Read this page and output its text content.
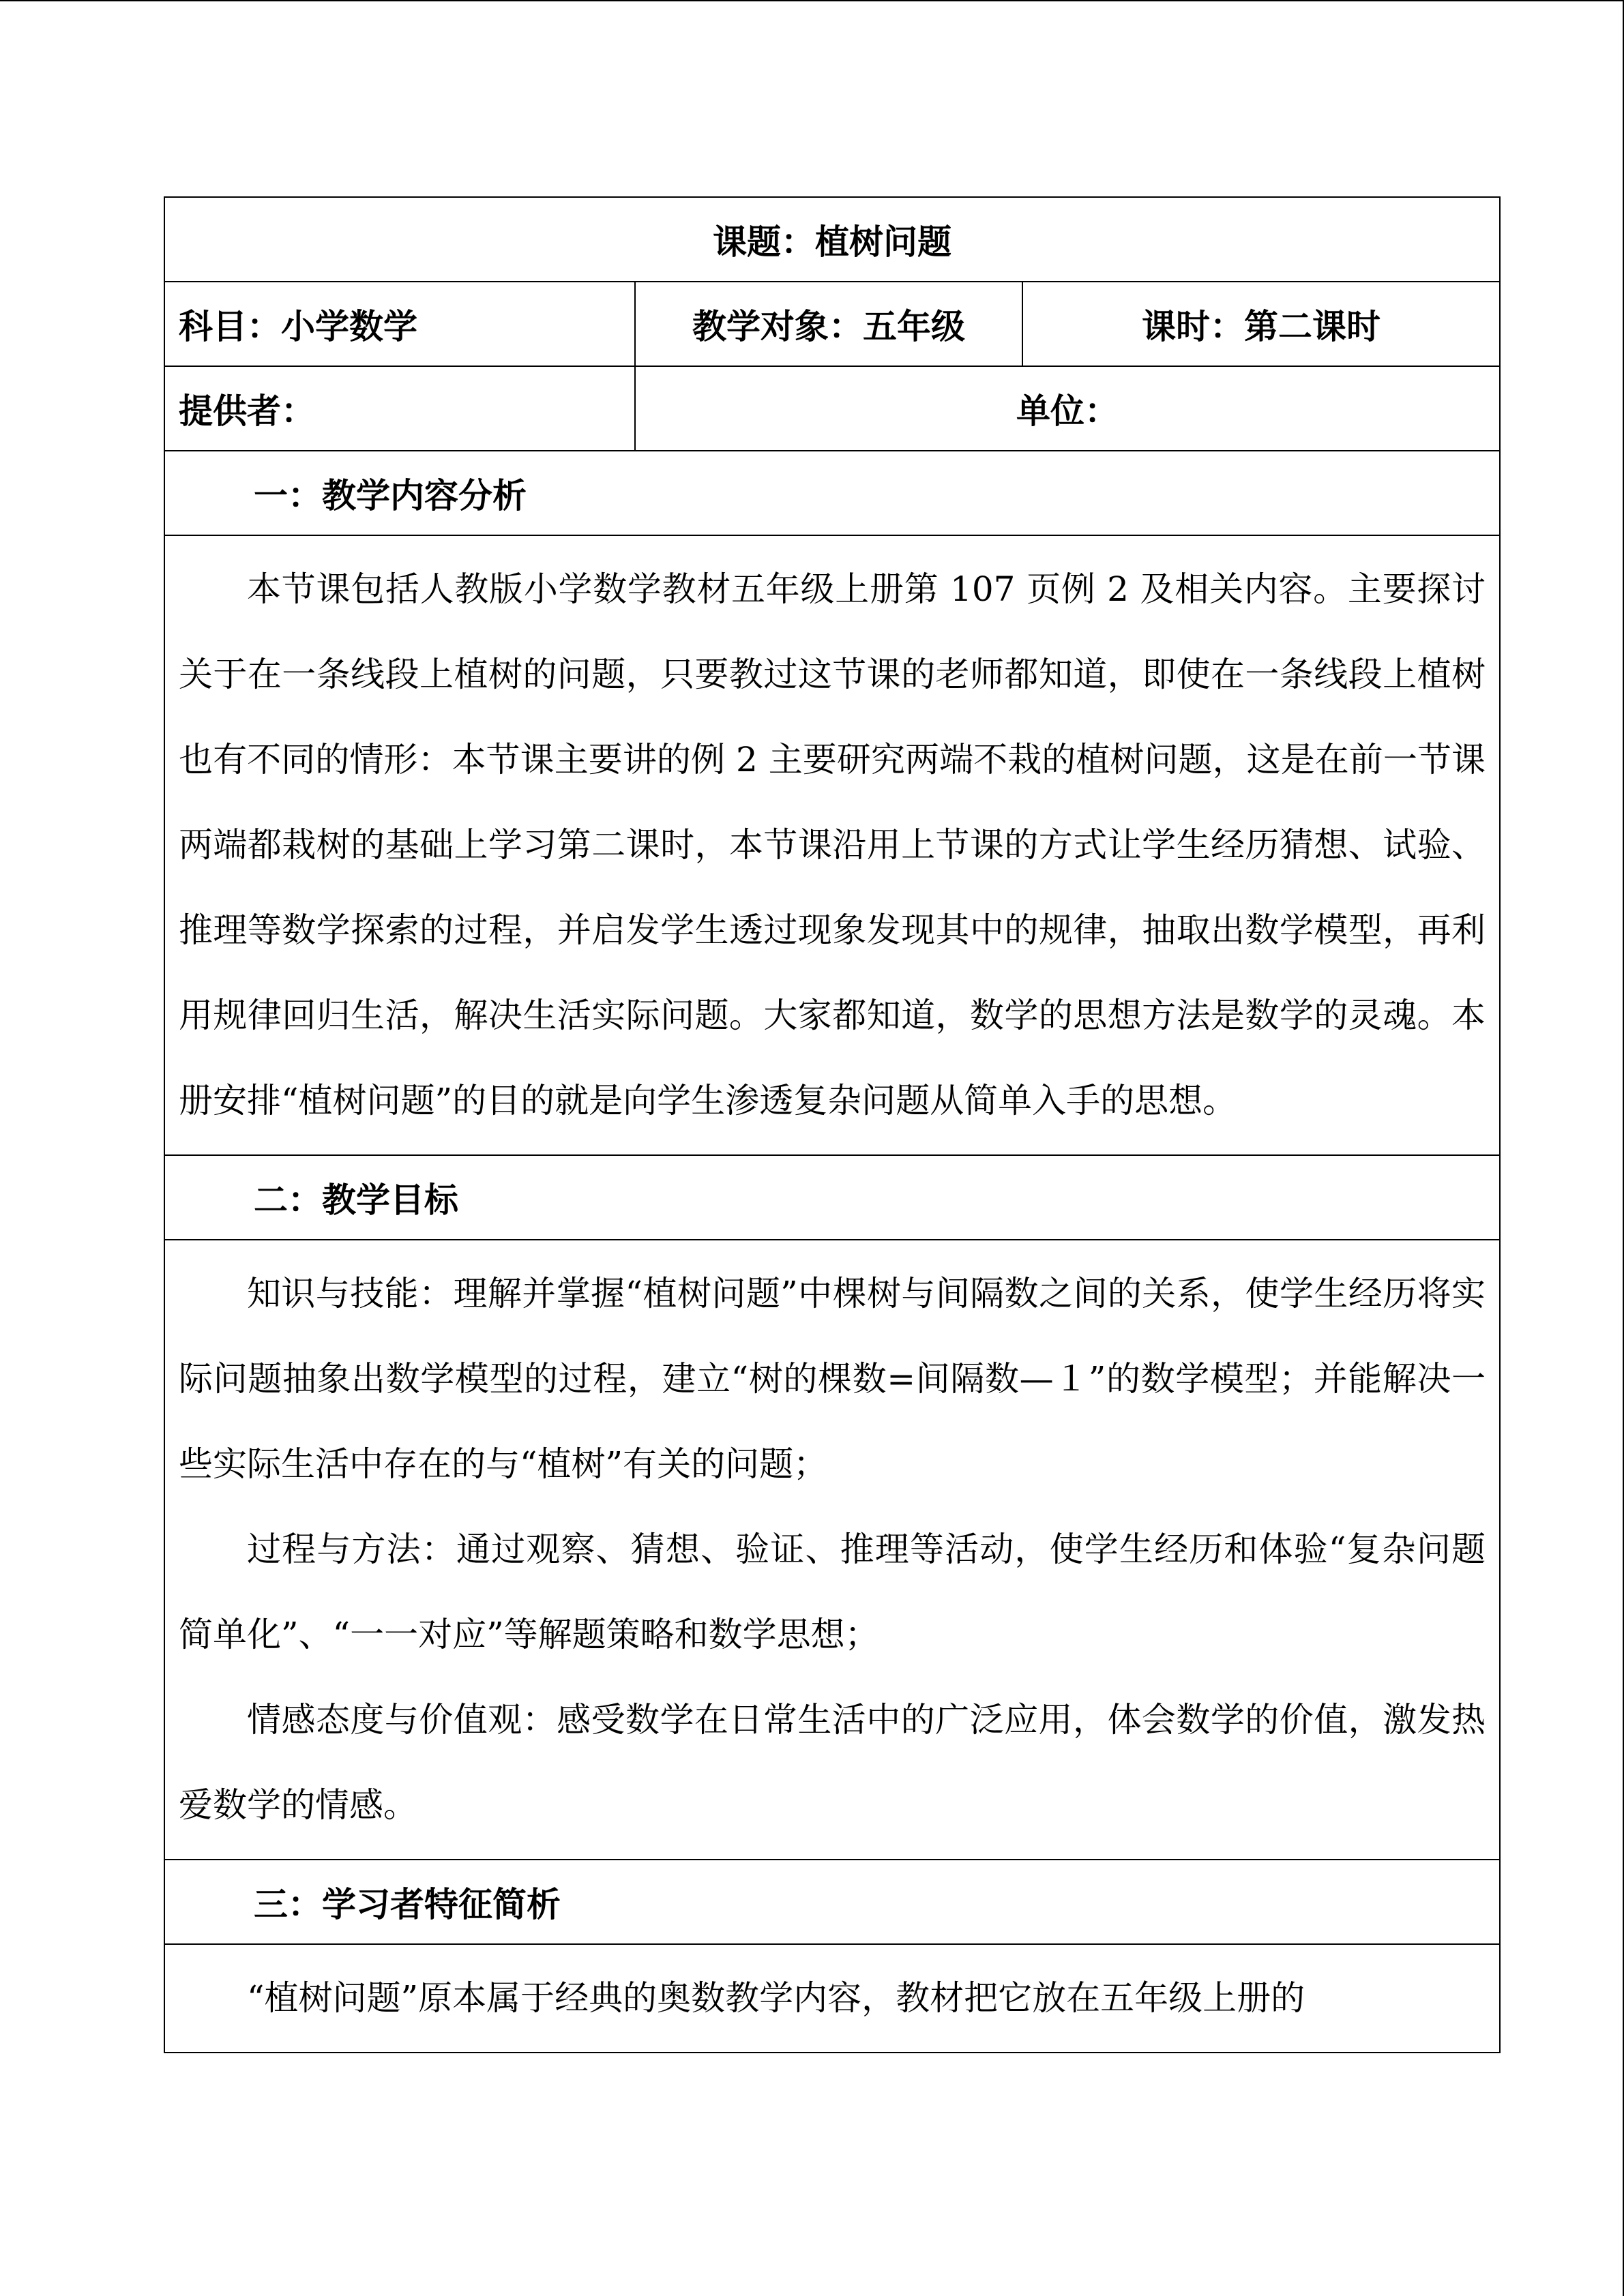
课题：植树问题		
科目：小学数学	教学对象：五年级	课时：第二课时
提供者：	单位：	
一：教学内容分析		

本节课包括人教版小学数学教材五年级上册第 107 页例 2 及相关内容。主要探讨关于在一条线段上植树的问题，只要教过这节课的老师都知道，即使在一条线段上植树也有不同的情形：本节课主要讲的例 2 主要研究两端不栽的植树问题，这是在前一节课两端都栽树的基础上学习第二课时，本节课沿用上节课的方式让学生经历猜想、试验、推理等数学探索的过程，并启发学生透过现象发现其中的规律，抽取出数学模型，再利用规律回归生活，解决生活实际问题。大家都知道，数学的思想方法是数学的灵魂。本册安排“植树问题”的目的就是向学生渗透复杂问题从简单入手的思想。		

二：教学目标		

知识与技能：理解并掌握“植树问题”中棵树与间隔数之间的关系，使学生经历将实际问题抽象出数学模型的过程，建立“树的棵数=间隔数—１”的数学模型；并能解决一些实际生活中存在的与“植树”有关的问题；

过程与方法：通过观察、猜想、验证、推理等活动，使学生经历和体验“复杂问题简单化”、“一一对应”等解题策略和数学思想；

情感态度与价值观：感受数学在日常生活中的广泛应用，体会数学的价值，激发热爱数学的情感。		

三：学习者特征简析		

“植树问题”原本属于经典的奥数教学内容，教材把它放在五年级上册的		
